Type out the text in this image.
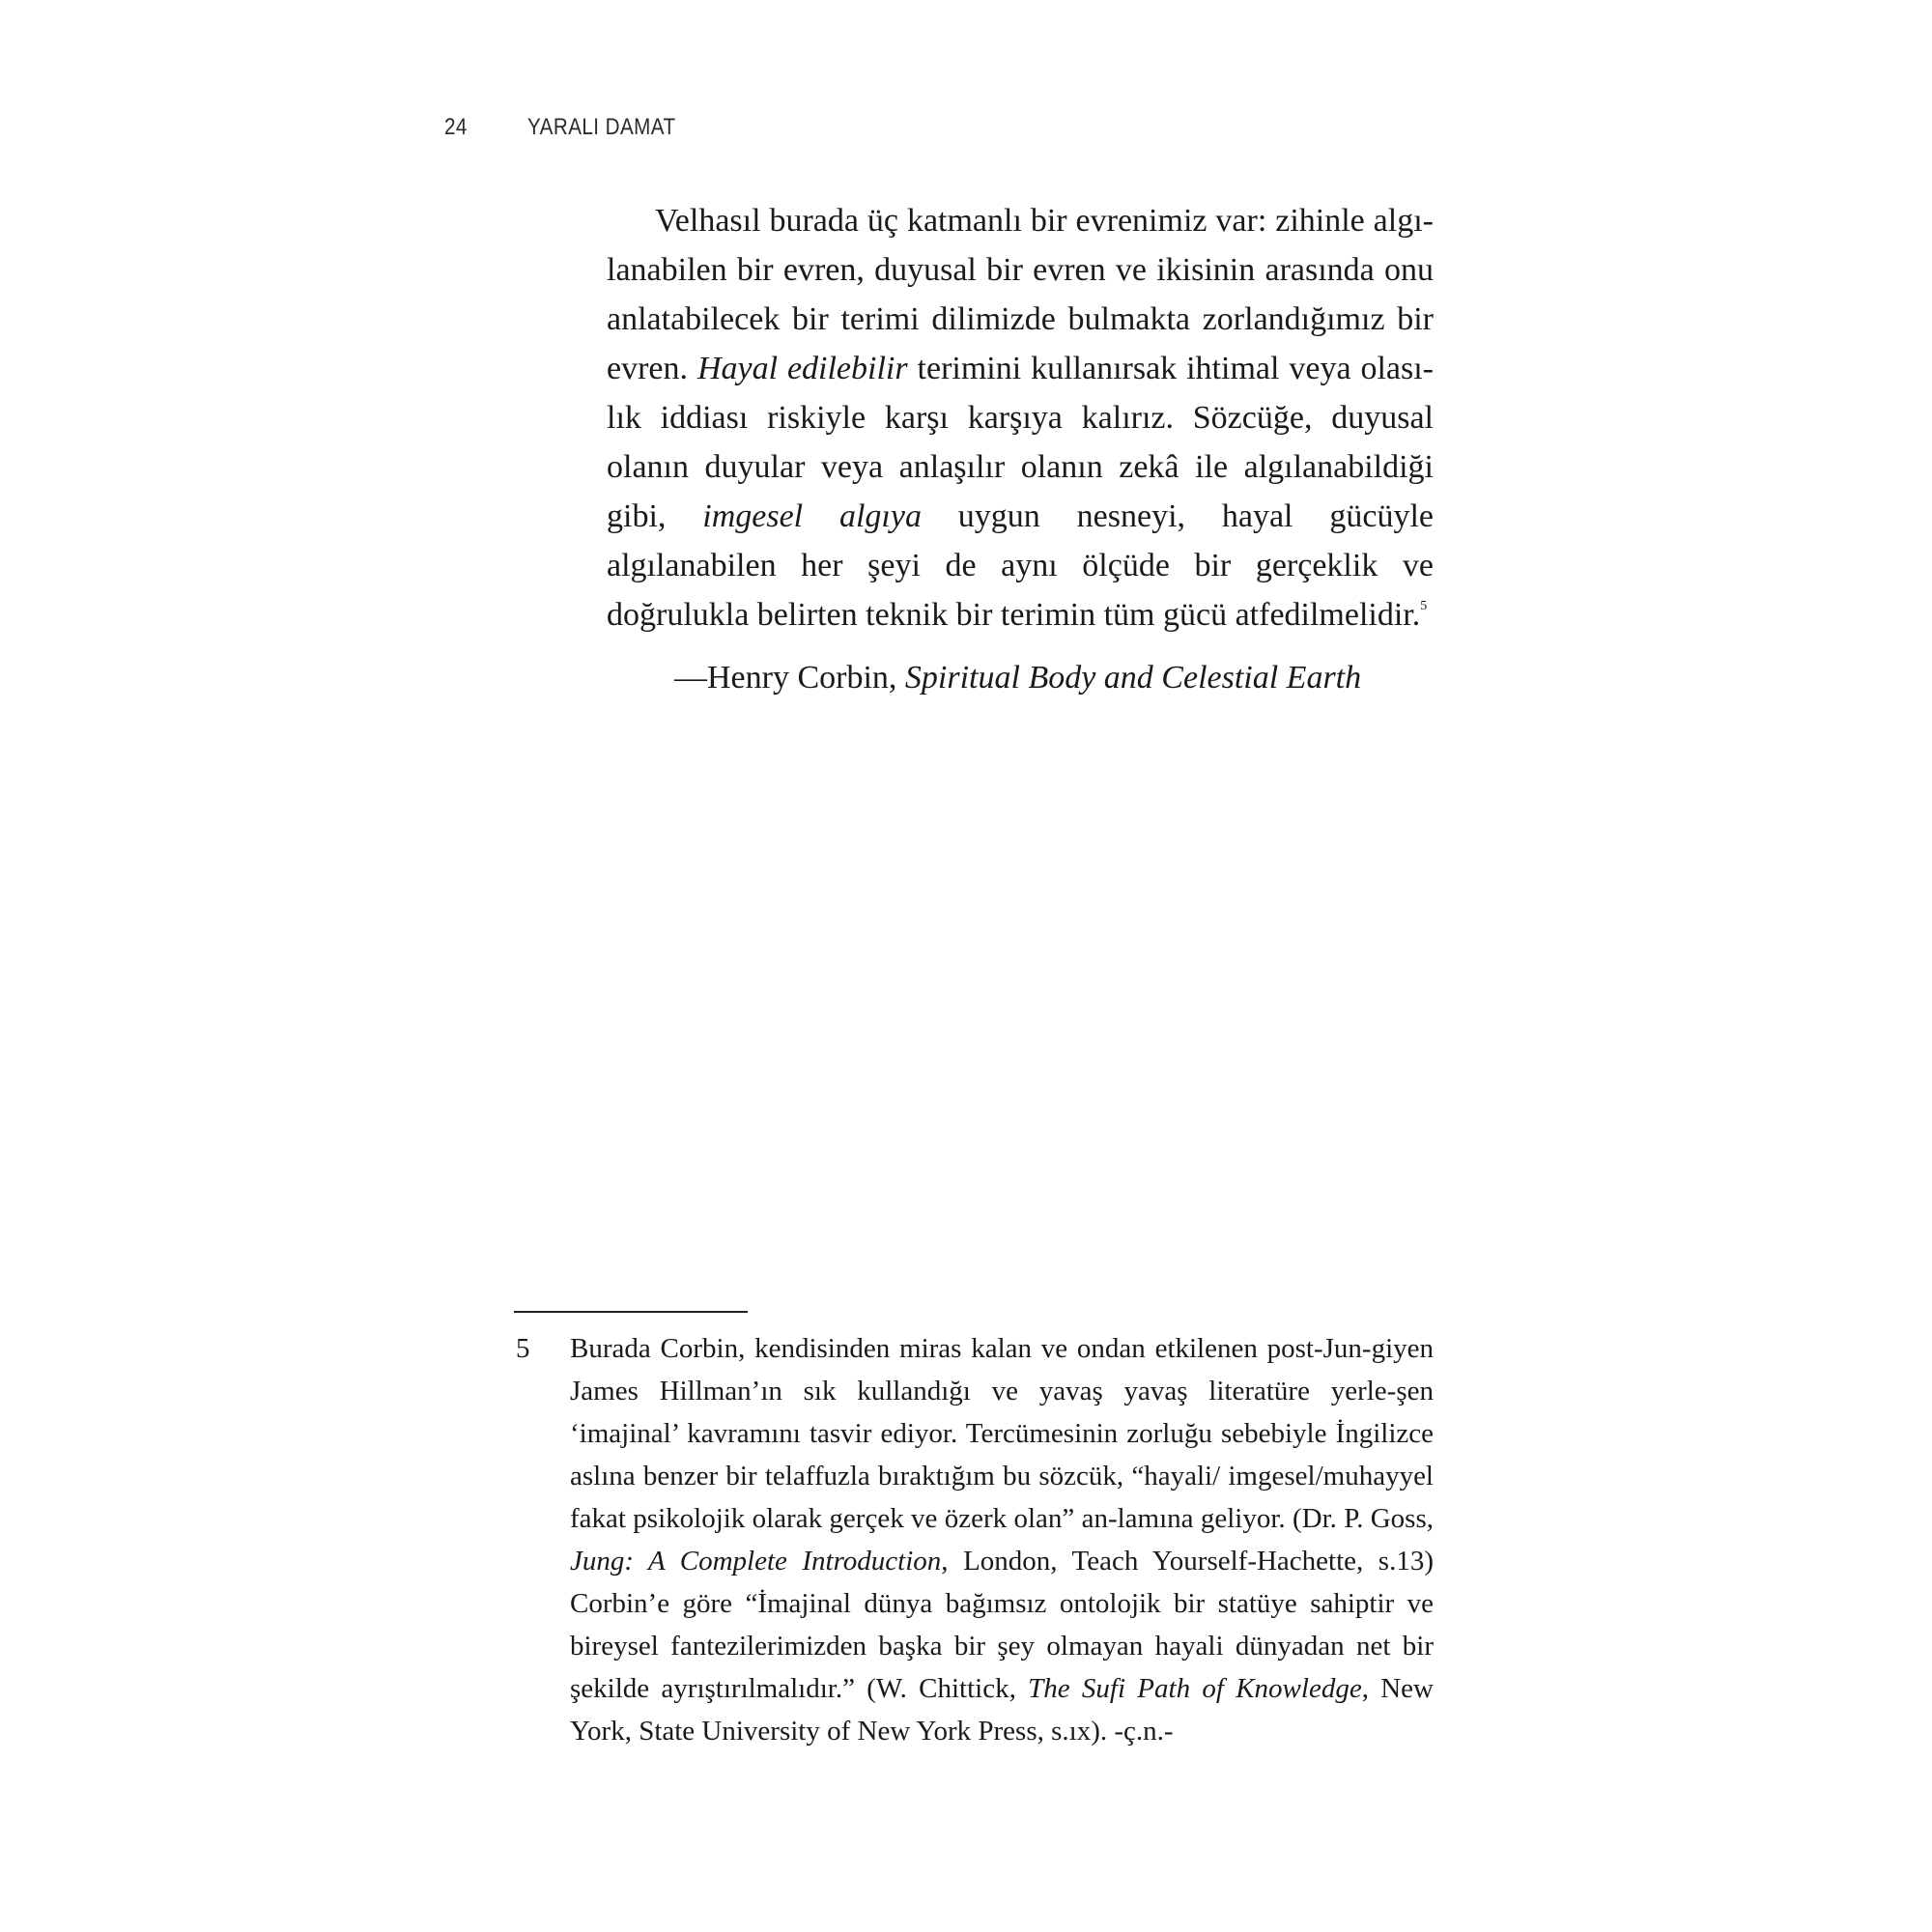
24	YARALI DAMAT

Velhasıl burada üç katmanlı bir evrenimiz var: zihinle algı-lanabilen bir evren, duyusal bir evren ve ikisinin arasında onu anlatabilecek bir terimi dilimizde bulmakta zorlandığımız bir evren. Hayal edilebilir terimini kullanırsak ihtimal veya olası-lık iddiası riskiyle karşı karşıya kalırız. Sözcüğe, duyusal olanın duyular veya anlaşılır olanın zekâ ile algılanabildiği gibi, imgesel algıya uygun nesneyi, hayal gücüyle algılanabilen her şeyi de aynı ölçüde bir gerçeklik ve doğrulukla belirten teknik bir terimin tüm gücü atfedilmelidir.$^5$

—Henry Corbin, Spiritual Body and Celestial Earth
5 Burada Corbin, kendisinden miras kalan ve ondan etkilenen post-Jun-giyen James Hillman’ın sık kullandığı ve yavaş yavaş literatüre yerle-şen ‘imajinal’ kavramını tasvir ediyor. Tercümesinin zorluğu sebebiyle İngilizce aslına benzer bir telaffuzla bıraktığım bu sözcük, “hayali/ imgesel/muhayyel fakat psikolojik olarak gerçek ve özerk olan” an-lamına geliyor. (Dr. P. Goss, Jung: A Complete Introduction, London, Teach Yourself-Hachette, s.13) Corbin’e göre “İmajinal dünya bağımsız ontolojik bir statüye sahiptir ve bireysel fantezilerimizden başka bir şey olmayan hayali dünyadan net bir şekilde ayrıştırılmalıdır.” (W. Chittick, The Sufi Path of Knowledge, New York, State University of New York Press, s.ıx). -ç.n.-
